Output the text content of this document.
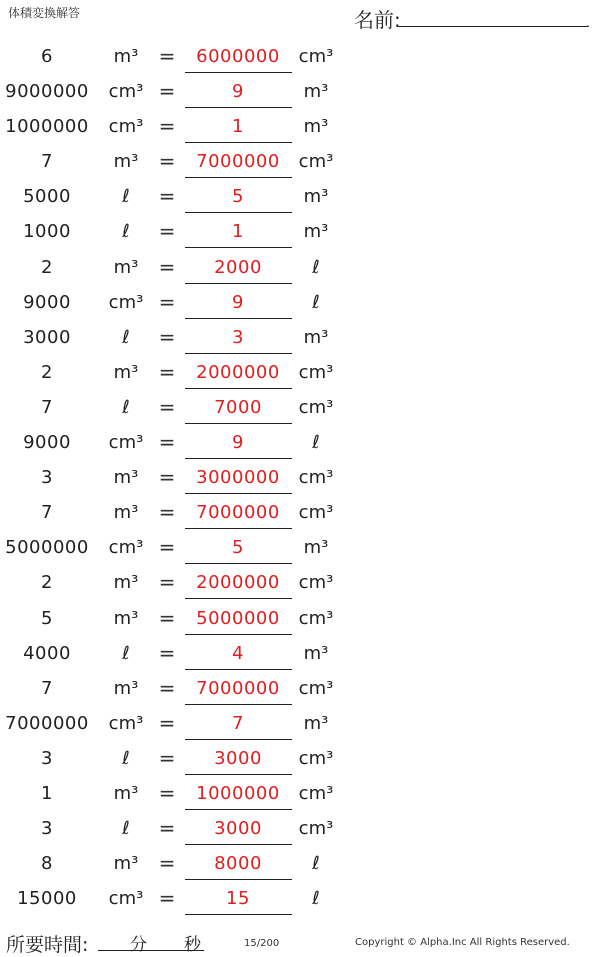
体積変換解答	名前:	.
6	m³	=	6000000	cm³
9000000 cm³ =	9	m³
1000000 cm³ =	1	m³
7	m³	=	7000000	cm³
5000	ℓ	=	5	m³
1000	ℓ	=	1	m³
2	m³	=	2000	ℓ
9000	cm³ =	9	ℓ
3000	ℓ	=	3	m³
2	m³	=	2000000	cm³
7	ℓ	=	7000	cm³
9000	cm³ =	9	ℓ
3	m³	=	3000000	cm³
7	m³	=	7000000	cm³
5000000 cm³ =	5	m³
2	m³	=	2000000	cm³
5	m³	=	5000000	cm³
4000	ℓ	=	4	m³
7	m³	=	7000000	cm³
7000000 cm³ =	7	m³
3	ℓ	=	3000	cm³
1	m³	=	1000000	cm³
3	ℓ	=	3000	cm³
8	m³	=	8000	ℓ
15000	cm³ =	15	ℓ
所要時間: 分 秒	15/200	Copyright © Alpha.Inc All Rights Reserved.
